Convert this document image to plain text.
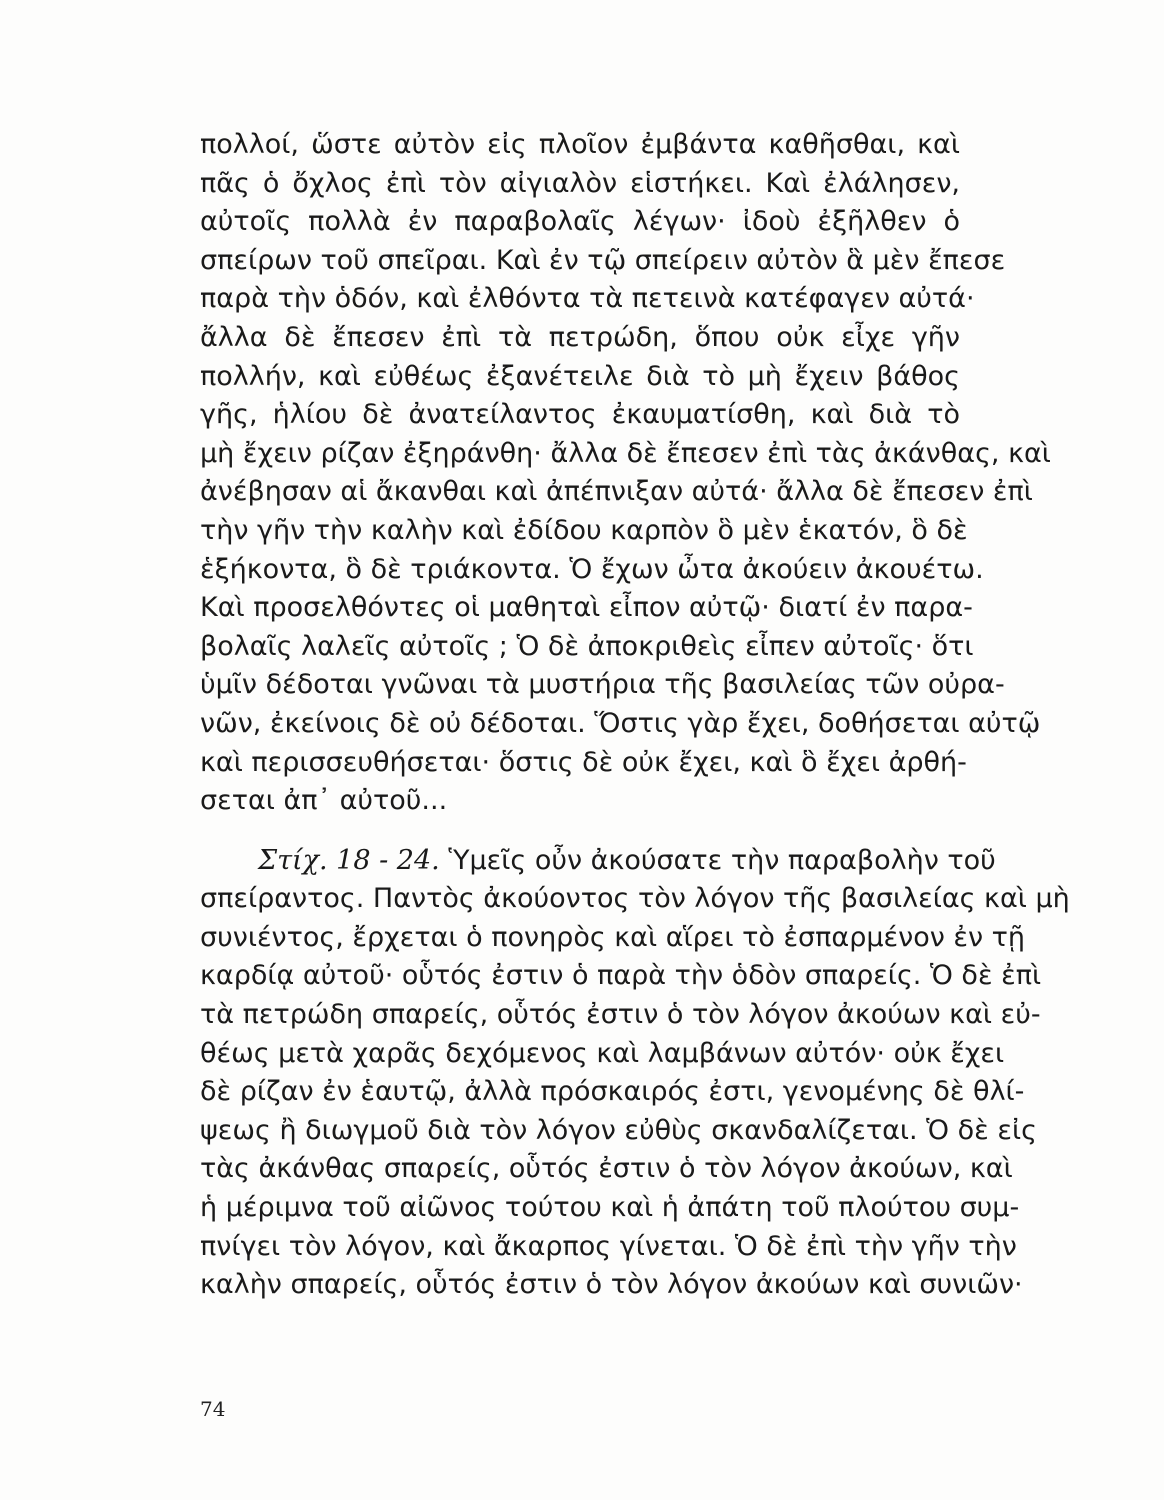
πολλοί, ὥστε αὐτὸν εἰς πλοῖον ἐμβάντα καθῆσθαι, καὶ
πᾶς ὁ ὄχλος ἐπὶ τὸν αἰγιαλὸν εἱστήκει. Καὶ ἐλάλησεν,
αὐτοῖς πολλὰ ἐν παραβολαῖς λέγων· ἰδοὺ ἐξῆλθεν ὁ
σπείρων τοῦ σπεῖραι. Καὶ ἐν τῷ σπείρειν αὐτὸν ἃ μὲν ἔπεσε
παρὰ τὴν ὁδόν, καὶ ἐλθόντα τὰ πετεινὰ κατέφαγεν αὐτά·
ἄλλα δὲ ἔπεσεν ἐπὶ τὰ πετρώδη, ὅπου οὐκ εἶχε γῆν
πολλήν, καὶ εὐθέως ἐξανέτειλε διὰ τὸ μὴ ἔχειν βάθος
γῆς, ἡλίου δὲ ἀνατείλαντος ἐκαυματίσθη, καὶ διὰ τὸ
μὴ ἔχειν ρίζαν ἐξηράνθη· ἄλλα δὲ ἔπεσεν ἐπὶ τὰς ἀκάνθας, καὶ
ἀνέβησαν αἱ ἄκανθαι καὶ ἀπέπνιξαν αὐτά· ἄλλα δὲ ἔπεσεν ἐπὶ
τὴν γῆν τὴν καλὴν καὶ ἐδίδου καρπὸν ὃ μὲν ἑκατόν, ὃ δὲ
ἑξήκοντα, ὃ δὲ τριάκοντα. Ὁ ἔχων ὦτα ἀκούειν ἀκουέτω.
Καὶ προσελθόντες οἱ μαθηταὶ εἶπον αὐτῷ· διατί ἐν παρα-
βολαῖς λαλεῖς αὐτοῖς ; Ὁ δὲ ἀποκριθεὶς εἶπεν αὐτοῖς· ὅτι
ὑμῖν δέδοται γνῶναι τὰ μυστήρια τῆς βασιλείας τῶν οὐρα-
νῶν, ἐκείνοις δὲ οὐ δέδοται. Ὅστις γὰρ ἔχει, δοθήσεται αὐτῷ
καὶ περισσευθήσεται· ὅστις δὲ οὐκ ἔχει, καὶ ὃ ἔχει ἀρθή-
σεται ἀπ᾽ αὐτοῦ...
Στίχ. 18 - 24. Ὑμεῖς οὖν ἀκούσατε τὴν παραβολὴν τοῦ
σπείραντος. Παντὸς ἀκούοντος τὸν λόγον τῆς βασιλείας καὶ μὴ
συνιέντος, ἔρχεται ὁ πονηρὸς καὶ αἵρει τὸ ἐσπαρμένον ἐν τῇ
καρδίᾳ αὐτοῦ· οὗτός ἐστιν ὁ παρὰ τὴν ὁδὸν σπαρείς. Ὁ δὲ ἐπὶ
τὰ πετρώδη σπαρείς, οὗτός ἐστιν ὁ τὸν λόγον ἀκούων καὶ εὐ-
θέως μετὰ χαρᾶς δεχόμενος καὶ λαμβάνων αὐτόν· οὐκ ἔχει
δὲ ρίζαν ἐν ἑαυτῷ, ἀλλὰ πρόσκαιρός ἐστι, γενομένης δὲ θλί-
ψεως ἢ διωγμοῦ διὰ τὸν λόγον εὐθὺς σκανδαλίζεται. Ὁ δὲ εἰς
τὰς ἀκάνθας σπαρείς, οὗτός ἐστιν ὁ τὸν λόγον ἀκούων, καὶ
ἡ μέριμνα τοῦ αἰῶνος τούτου καὶ ἡ ἀπάτη τοῦ πλούτου συμ-
πνίγει τὸν λόγον, καὶ ἄκαρπος γίνεται. Ὁ δὲ ἐπὶ τὴν γῆν τὴν
καλὴν σπαρείς, οὗτός ἐστιν ὁ τὸν λόγον ἀκούων καὶ συνιῶν·
74
